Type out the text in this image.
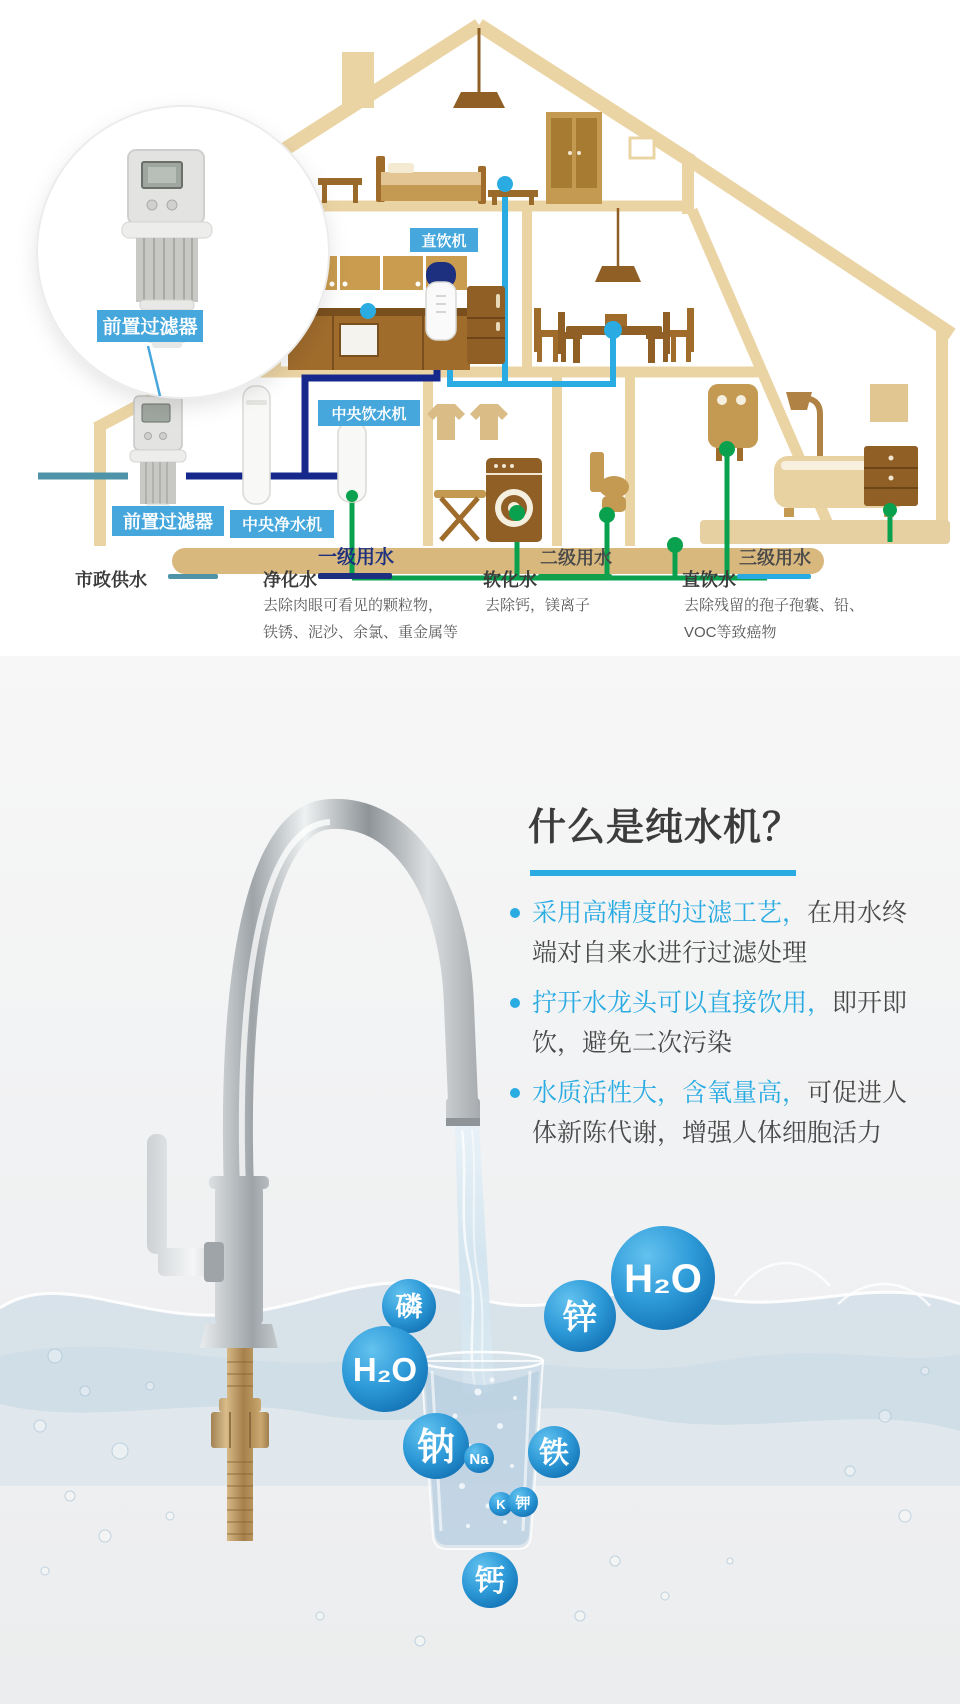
前置过滤器
前置过滤器
直饮机
中央饮水机
中央净水机
市政供水	净化水
一级用水
去除肉眼可看见的颗粒物，
铁锈、泥沙、余氯、重金属等
软化水
二级用水
去除钙，镁离子
直饮水
三级用水
去除残留的孢子孢囊、铅、
VOC等致癌物
磷
H₂O
锌
H₂O
钠 Na 铁
K 钾
钙
什么是纯水机？
采用高精度的过滤工艺，在用水终端对自来水进行过滤处理
拧开水龙头可以直接饮用，即开即饮，避免二次污染
水质活性大，含氧量高，可促进人体新陈代谢，增强人体细胞活力
